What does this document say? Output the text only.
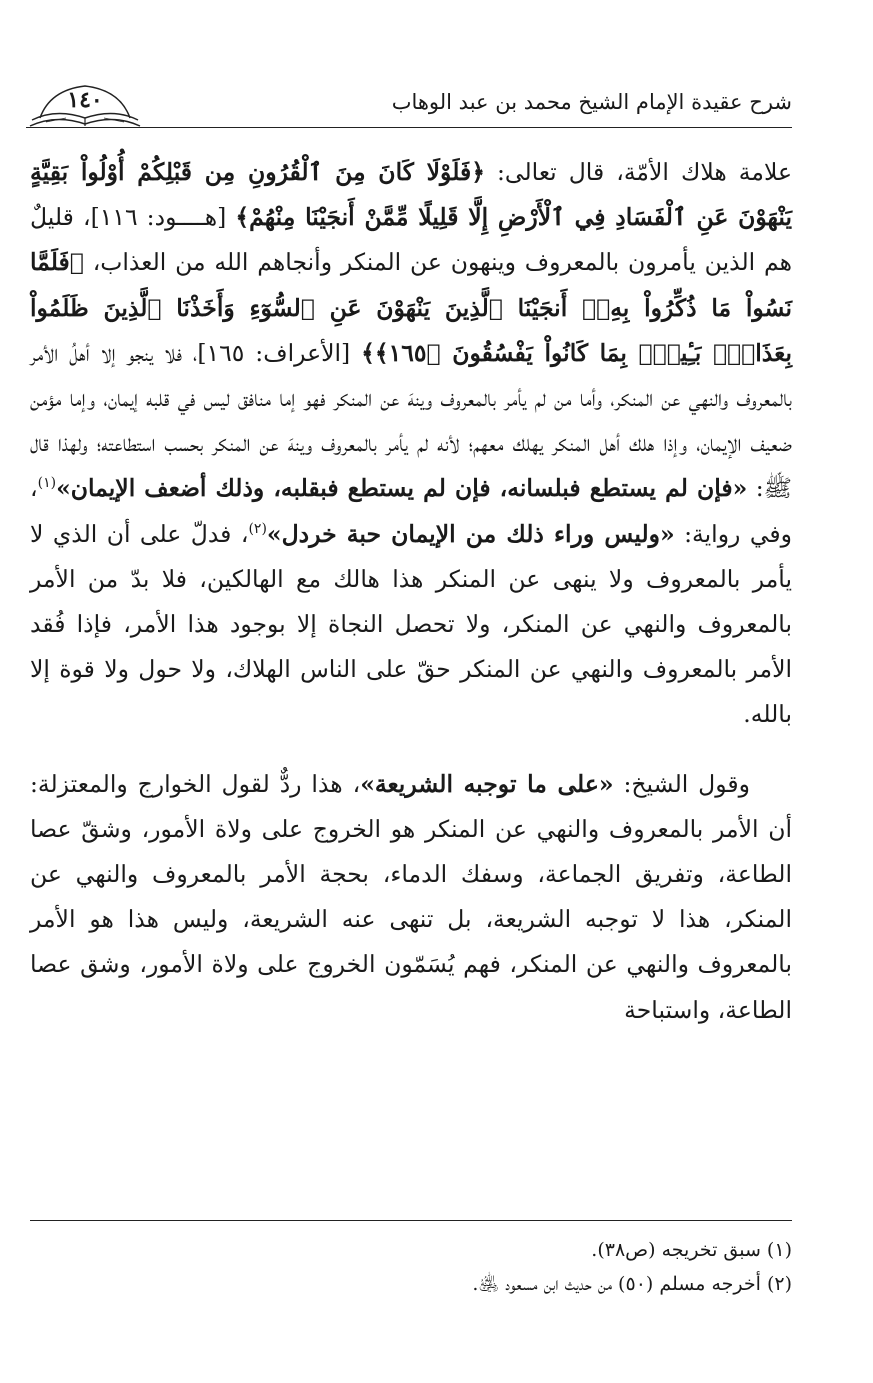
شرح عقيدة الإمام الشيخ محمد بن عبد الوهاب
١٤٠

علامة هلاك الأمّة، قال تعالى: ﴿فَلَوْلَا كَانَ مِنَ ٱلْقُرُونِ مِن قَبْلِكُمْ أُوْلُواْ بَقِيَّةٍ يَنْهَوْنَ عَنِ ٱلْفَسَادِ فِي ٱلْأَرْضِ إِلَّا قَلِيلًا مِّمَّنْ أَنجَيْنَا مِنْهُمْ﴾ [هــــود: ١١٦]، قليلٌ هم الذين يأمرون بالمعروف وينهون عن المنكر وأنجاهم الله من العذاب، ﴿فَلَمَّا نَسُواْ مَا ذُكِّرُواْ بِهِۦٓ أَنجَيْنَا ٱلَّذِينَ يَنْهَوْنَ عَنِ ٱلسُّوٓءِ وَأَخَذْنَا ٱلَّذِينَ ظَلَمُواْ بِعَذَابٍۭ بَـِٔيسٍۭ بِمَا كَانُواْ يَفْسُقُونَ ﴿١٦٥﴾﴾ [الأعراف: ١٦٥]، فلا ينجو إلا أهلُ الأمر بالمعروف والنهي عن المنكر، وأما من لم يأمر بالمعروف وينهَ عن المنكر فهو إما منافق ليس في قلبه إيمان، وإما مؤمن ضعيف الإيمان، وإذا هلك أهل المنكر يهلك معهم؛ لأنه لم يأمر بالمعروف وينهَ عن المنكر بحسب استطاعته؛ ولهذا قال ﷺ: «فإن لم يستطع فبلسانه، فإن لم يستطع فبقلبه، وذلك أضعف الإيمان»$^{(١)}$، وفي رواية: «وليس وراء ذلك من الإيمان حبة خردل»$^{(٢)}$، فدلّ على أن الذي لا يأمر بالمعروف ولا ينهى عن المنكر هذا هالك مع الهالكين، فلا بدّ من الأمر بالمعروف والنهي عن المنكر، ولا تحصل النجاة إلا بوجود هذا الأمر، فإذا فُقد الأمر بالمعروف والنهي عن المنكر حقّ على الناس الهلاك، ولا حول ولا قوة إلا بالله.

وقول الشيخ: «على ما توجبه الشريعة»، هذا ردٌّ لقول الخوارج والمعتزلة: أن الأمر بالمعروف والنهي عن المنكر هو الخروج على ولاة الأمور، وشقّ عصا الطاعة، وتفريق الجماعة، وسفك الدماء، بحجة الأمر بالمعروف والنهي عن المنكر، هذا لا توجبه الشريعة، بل تنهى عنه الشريعة، وليس هذا هو الأمر بالمعروف والنهي عن المنكر، فهم يُسَمّون الخروج على ولاة الأمور، وشق عصا الطاعة، واستباحة

(١) سبق تخريجه (ص٣٨).
(٢) أخرجه مسلم (٥٠) من حديث ابن مسعود ﵁.
